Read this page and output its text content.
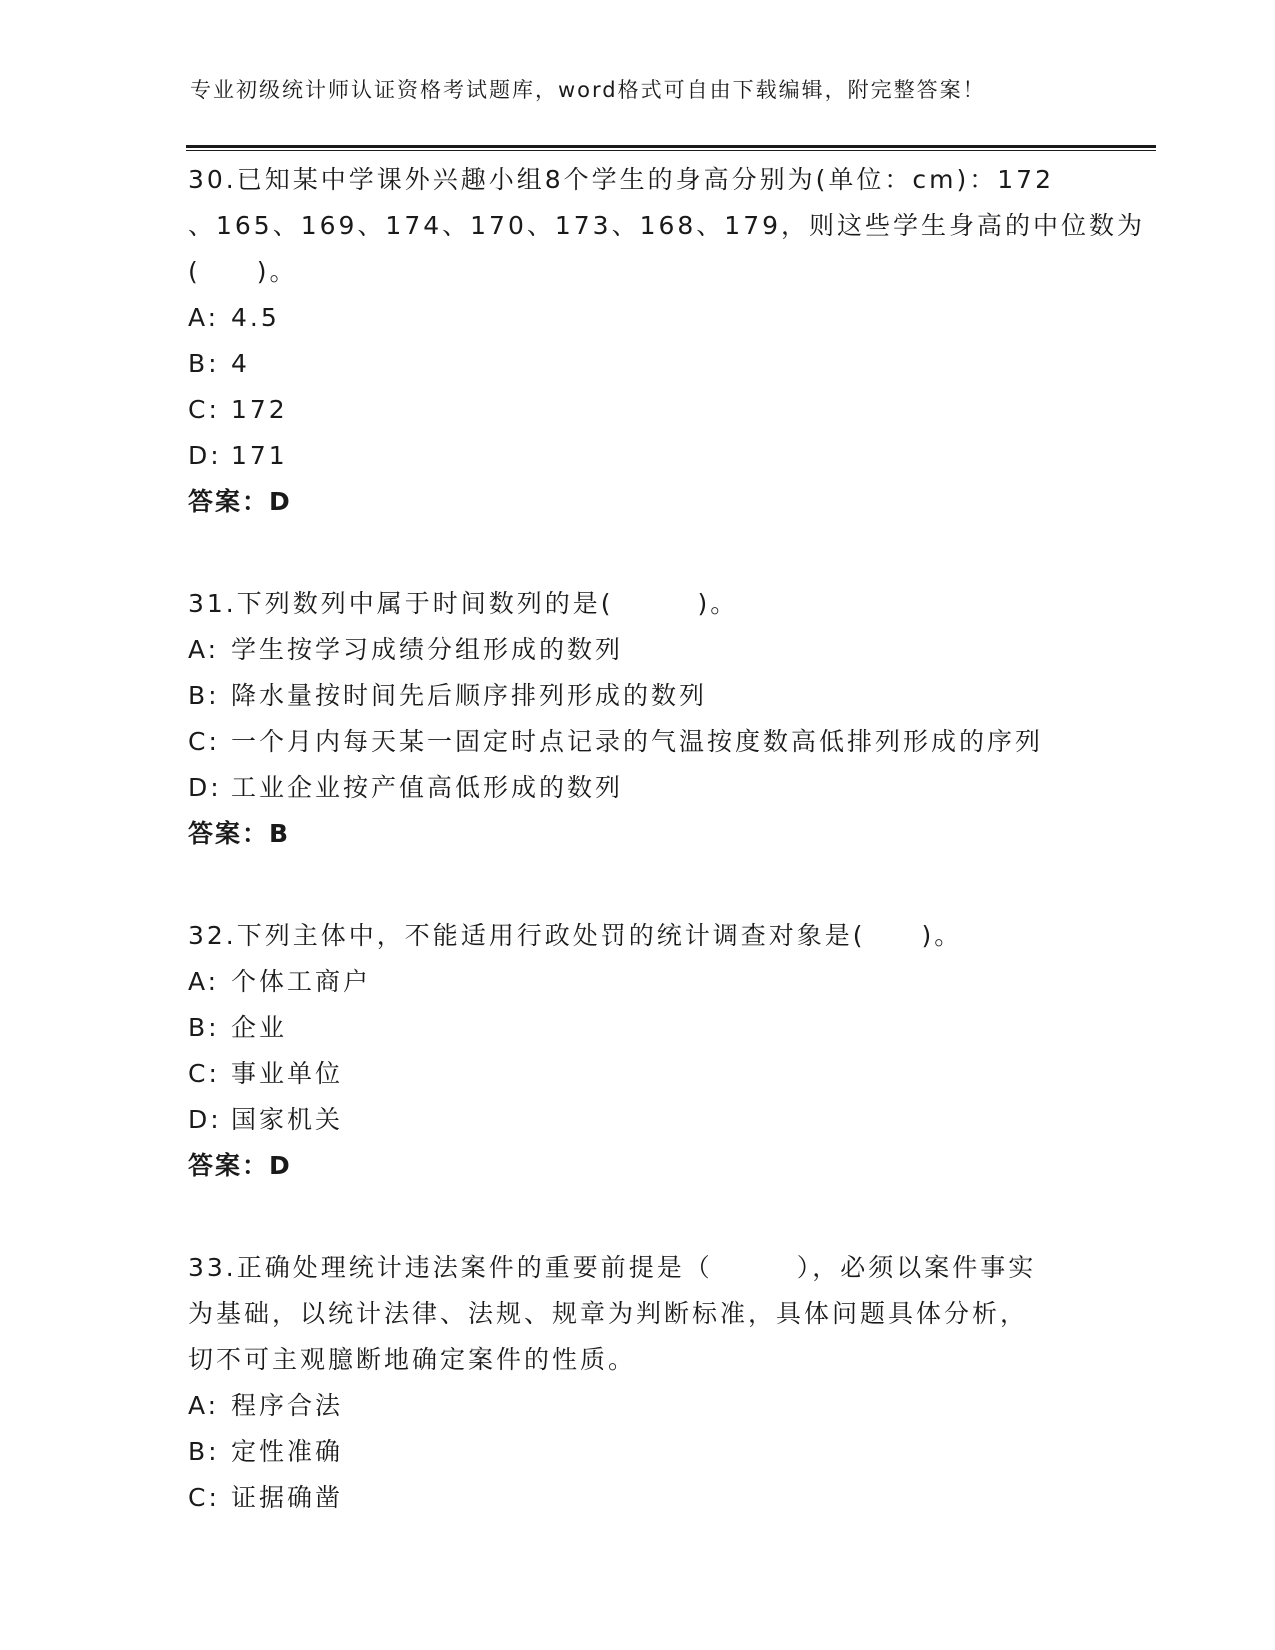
专业初级统计师认证资格考试题库，word格式可自由下载编辑，附完整答案！
30.已知某中学课外兴趣小组8个学生的身高分别为(单位：cm)：172
、165、169、174、170、173、168、179，则这些学生身高的中位数为
(　　)。
A: 4.5
B: 4
C: 172
D: 171
答案：D
31.下列数列中属于时间数列的是(　　　)。
A: 学生按学习成绩分组形成的数列
B: 降水量按时间先后顺序排列形成的数列
C: 一个月内每天某一固定时点记录的气温按度数高低排列形成的序列
D: 工业企业按产值高低形成的数列
答案：B
32.下列主体中，不能适用行政处罚的统计调查对象是(　　)。
A: 个体工商户
B: 企业
C: 事业单位
D: 国家机关
答案：D
33.正确处理统计违法案件的重要前提是（　　　），必须以案件事实
为基础，以统计法律、法规、规章为判断标准，具体问题具体分析，
切不可主观臆断地确定案件的性质。
A: 程序合法
B: 定性准确
C: 证据确凿
